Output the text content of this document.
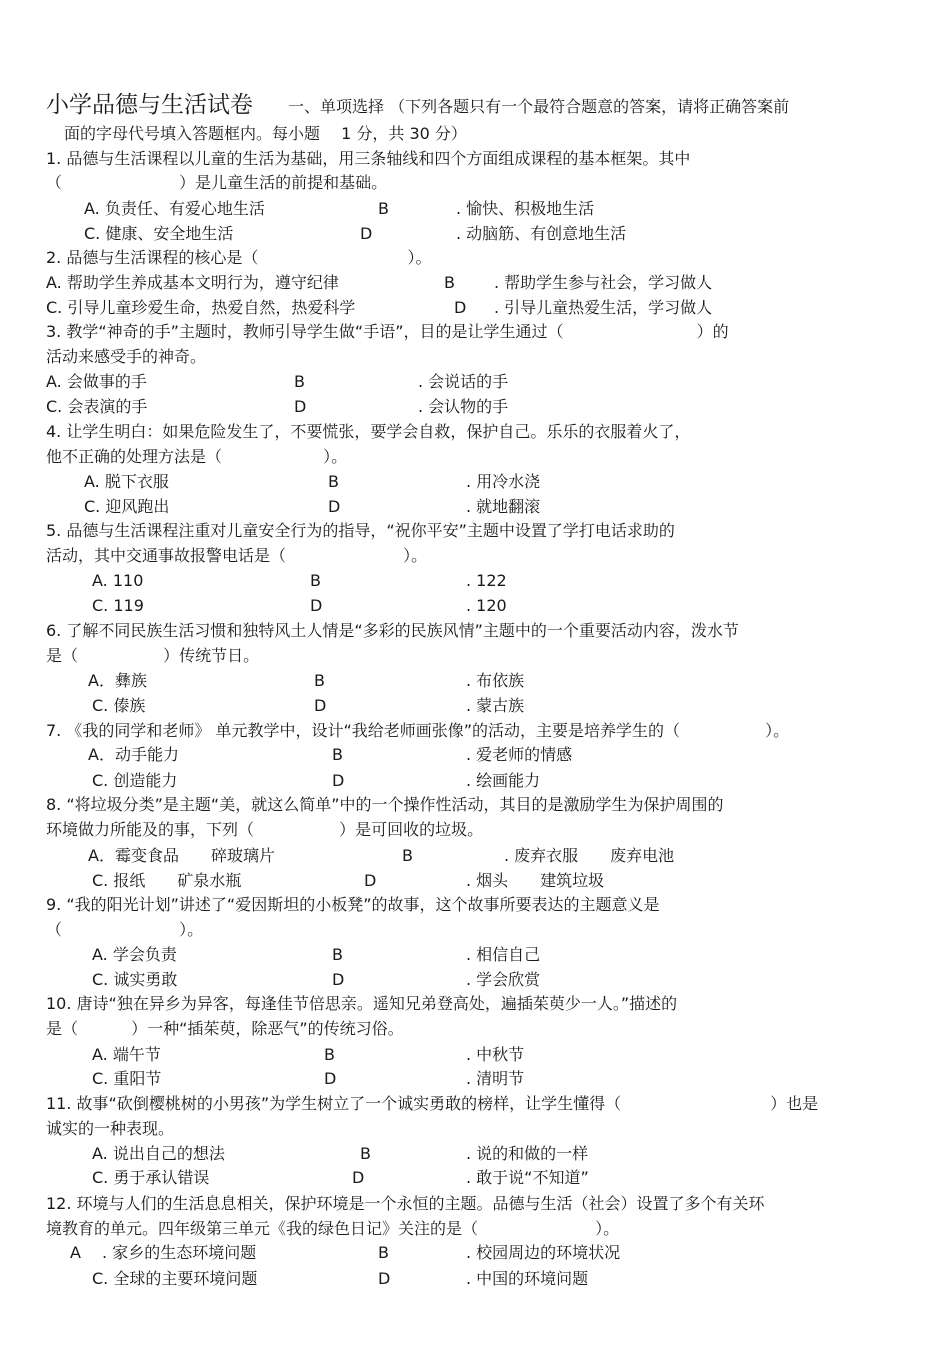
小学品德与生活试卷 一、单项选择 （下列各题只有一个最符合题意的答案，请将正确答案前
面的字母代号填入答题框内。每小题　 1 分，共 30 分）
1. 品德与生活课程以儿童的生活为基础，用三条轴线和四个方面组成课程的基本框架。其中
（　　　　　　　 ）是儿童生活的前提和基础。
A. 负责任、有爱心地生活	B	. 愉快、积极地生活
C. 健康、安全地生活	D	. 动脑筋、有创意地生活
2. 品德与生活课程的核心是（　　　　　　　　　 ）。
A. 帮助学生养成基本文明行为，遵守纪律	B . 帮助学生参与社会，学习做人
C. 引导儿童珍爱生命，热爱自然，热爱科学	D . 引导儿童热爱生活，学习做人
3. 教学“神奇的手”主题时，教师引导学生做“手语”，目的是让学生通过（　　　　　　　　 ）的
活动来感受手的神奇。
A. 会做事的手	B	. 会说话的手
C. 会表演的手	D	. 会认物的手
4. 让学生明白：如果危险发生了，不要慌张，要学会自救，保护自己。乐乐的衣服着火了，
他不正确的处理方法是（　　　　　　 ）。
A. 脱下衣服	B	. 用冷水浇
C. 迎风跑出	D	. 就地翻滚
5. 品德与生活课程注重对儿童安全行为的指导，“祝你平安”主题中设置了学打电话求助的
活动，其中交通事故报警电话是（　　　　　　　 ）。
A. 110	B	. 122
C. 119	D	. 120
6. 了解不同民族生活习惯和独特风土人情是“多彩的民族风情”主题中的一个重要活动内容，泼水节
是（　　　　　 ）传统节日。
A．彝族	B	. 布依族
C. 傣族	D	. 蒙古族
7. 《我的同学和老师》 单元教学中，设计“我给老师画张像”的活动，主要是培养学生的（　　　　　 ）。
A．动手能力	B	. 爱老师的情感
C. 创造能力	D	. 绘画能力
8. “将垃圾分类”是主题“美，就这么简单”中的一个操作性活动，其目的是激励学生为保护周围的
环境做力所能及的事，下列（　　　　　 ）是可回收的垃圾。
A．霉变食品　　碎玻璃片	B	. 废弃衣服　　废弃电池
C. 报纸　　矿泉水瓶	D	. 烟头　　建筑垃圾
9. “我的阳光计划”讲述了“爱因斯坦的小板凳”的故事，这个故事所要表达的主题意义是
（　　　　　　　 ）。
A. 学会负责	B	. 相信自己
C. 诚实勇敢	D	. 学会欣赏
10. 唐诗“独在异乡为异客，每逢佳节倍思亲。遥知兄弟登高处，遍插茱萸少一人。”描述的
是（　　　 ）一种“插茱萸，除恶气”的传统习俗。
A. 端午节	B	. 中秋节
C. 重阳节	D	. 清明节
11. 故事“砍倒樱桃树的小男孩”为学生树立了一个诚实勇敢的榜样，让学生懂得（　　　　　　　　　 ）也是
诚实的一种表现。
A. 说出自己的想法	B	. 说的和做的一样
C. 勇于承认错误	D	. 敢于说“不知道”
12. 环境与人们的生活息息相关，保护环境是一个永恒的主题。品德与生活（社会）设置了多个有关环
境教育的单元。四年级第三单元《我的绿色日记》关注的是（　　　　　　　 ）。
A　 . 家乡的生态环境问题	B	. 校园周边的环境状况
C. 全球的主要环境问题	D	. 中国的环境问题
